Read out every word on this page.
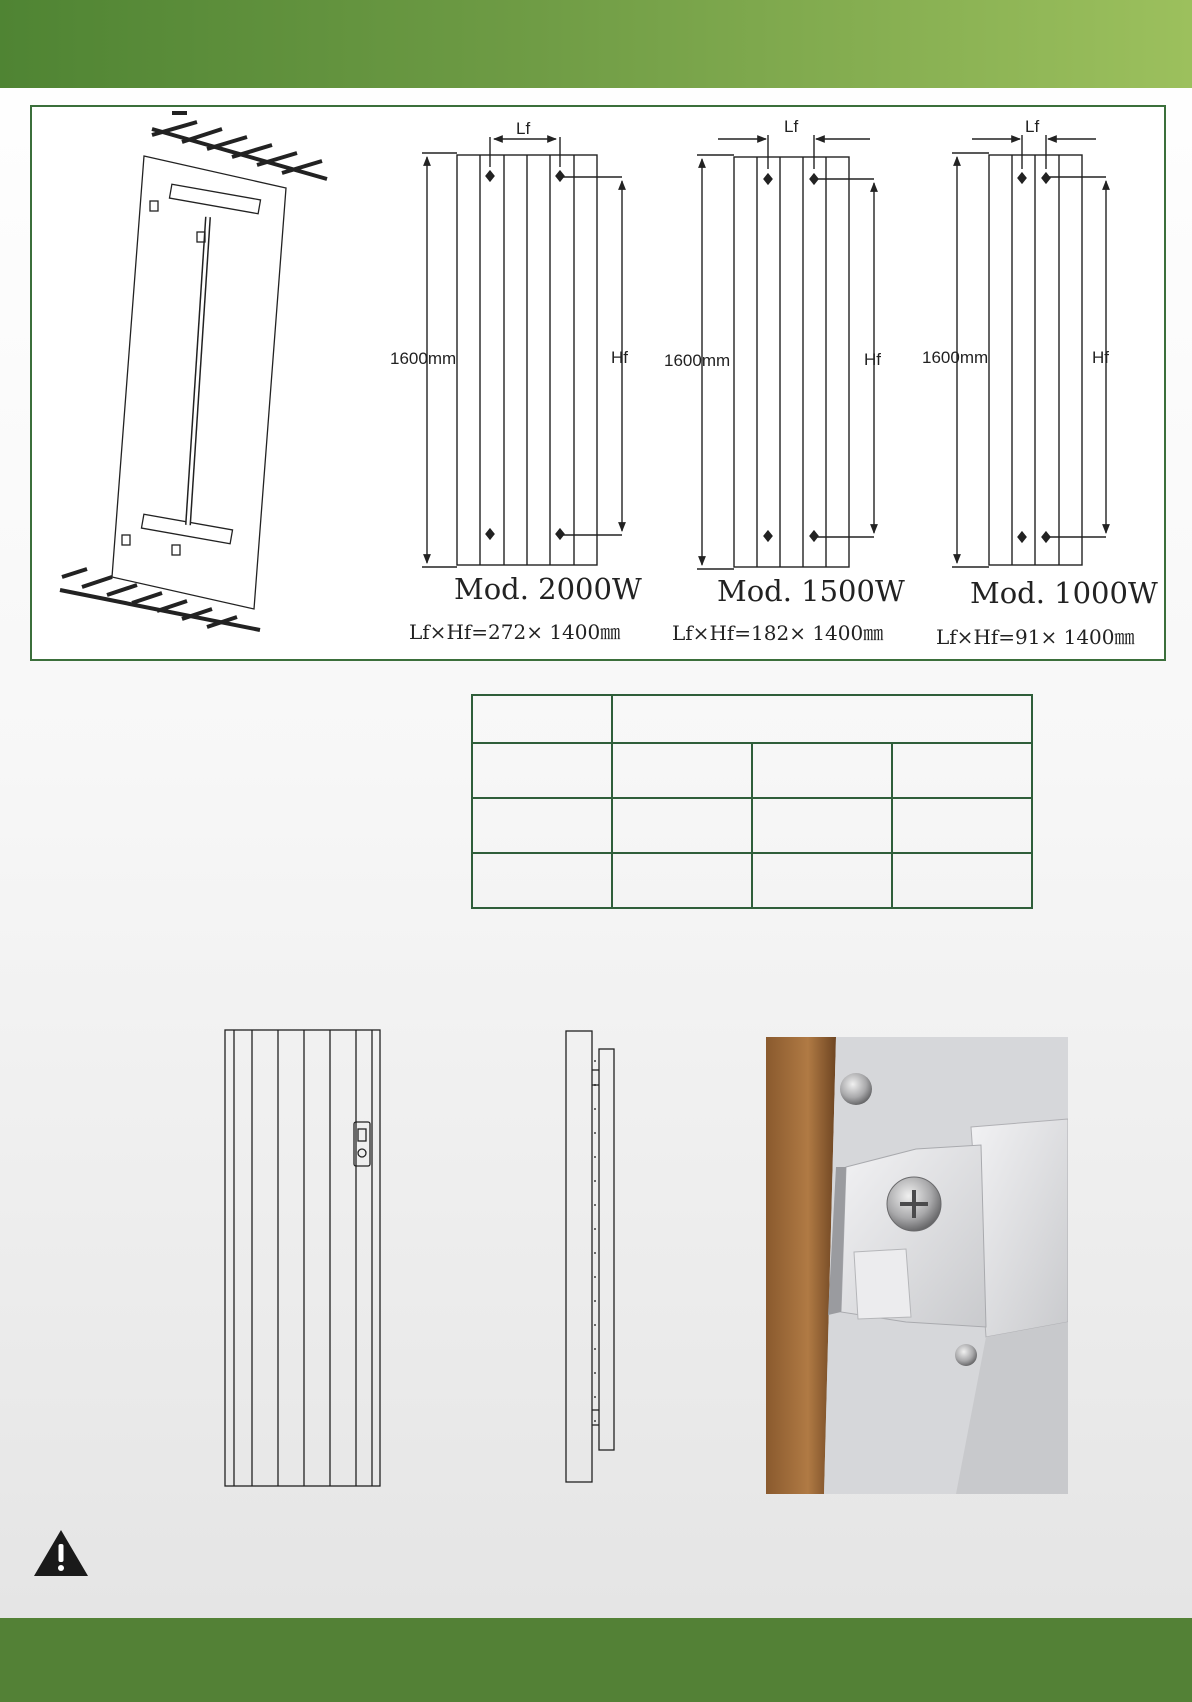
1600mm
Lf
Hf 1600mm
Lf
Hf 1600mm
Lf
Hf
Mod. 2000W
Lf×Hf=272× 1400㎜
Mod. 1500W
Lf×Hf=182× 1400㎜
Mod. 1000W
Lf×Hf=91× 1400㎜
